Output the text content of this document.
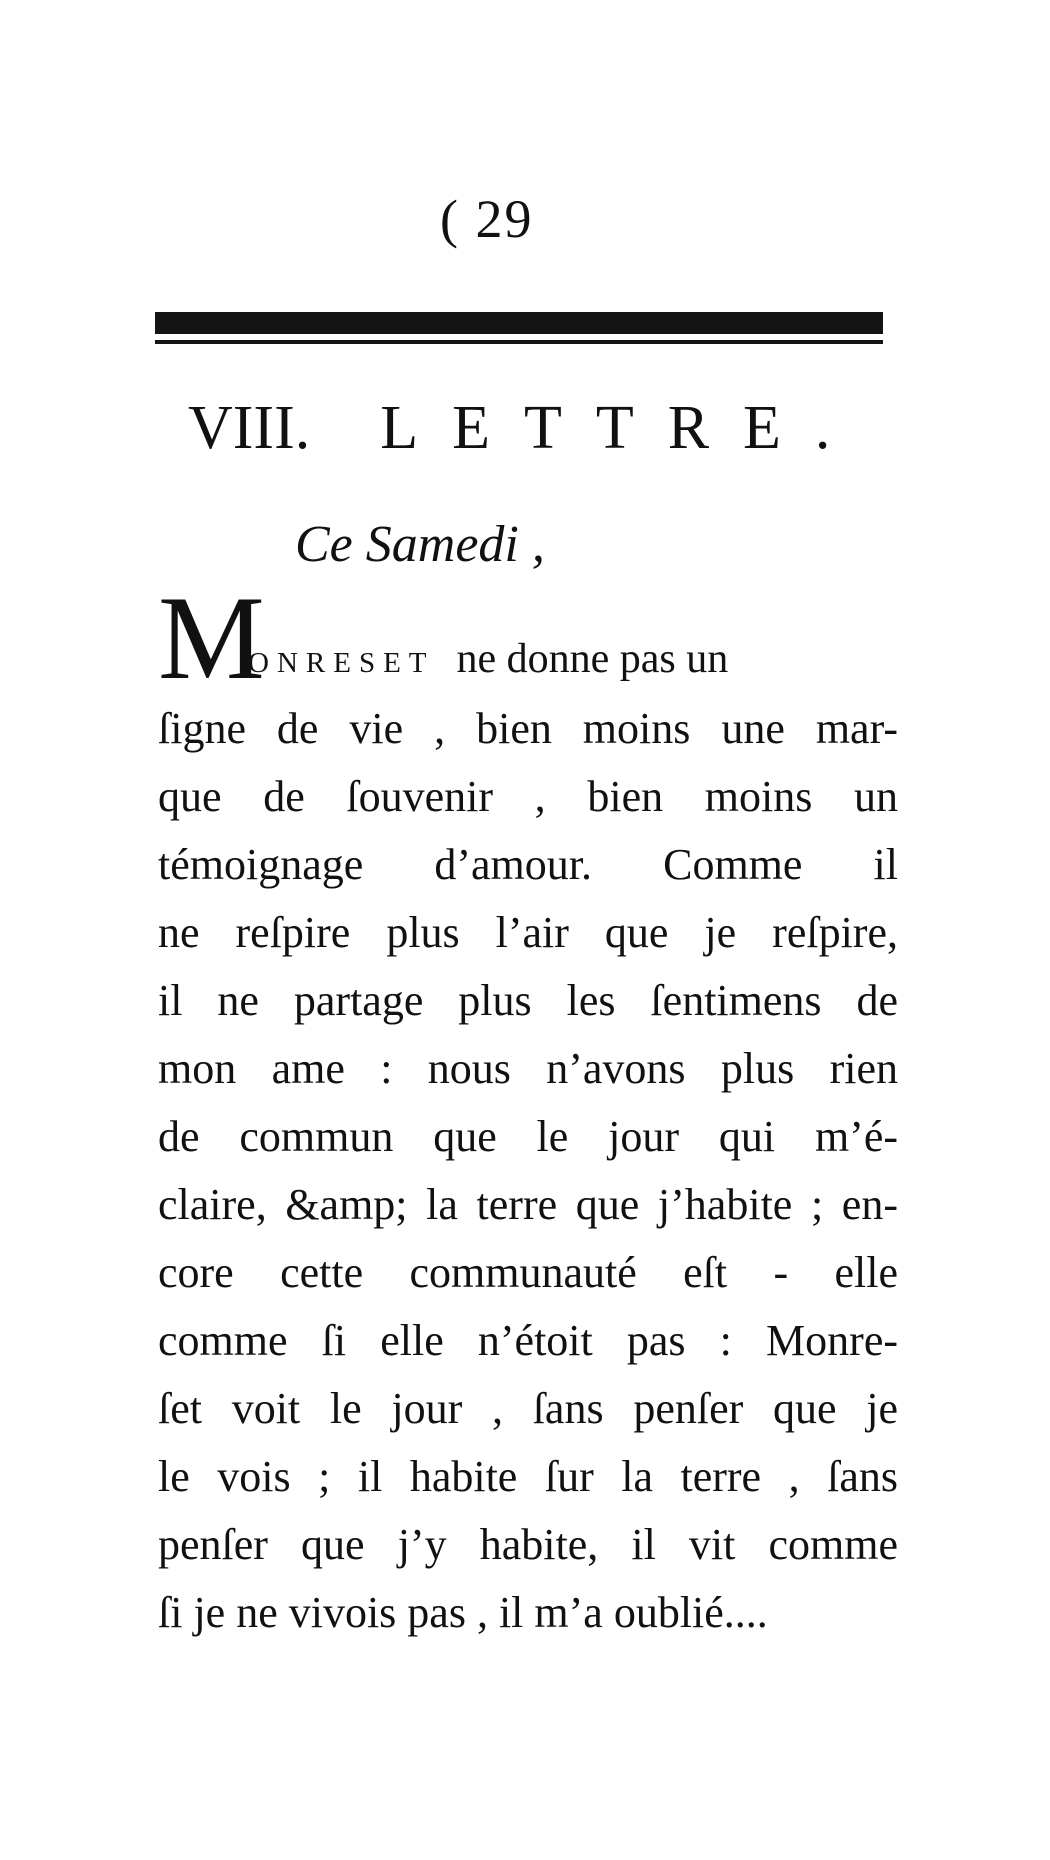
( 29
VIII. LETTRE.
Ce Samedi ,
M
ONRESET ne donne pas un
ſigne de vie , bien moins une mar-
que de ſouvenir , bien moins un
témoignage d’amour. Comme il
ne reſpire plus l’air que je reſpire,
il ne partage plus les ſentimens de
mon ame : nous n’avons plus rien
de commun que le jour qui m’é-
claire, &amp; la terre que j’habite ; en-
core cette communauté eſt - elle
comme ſi elle n’étoit pas : Monre-
ſet voit le jour , ſans penſer que je
le vois ; il habite ſur la terre , ſans
penſer que j’y habite, il vit comme
ſi je ne vivois pas , il m’a oublié....
